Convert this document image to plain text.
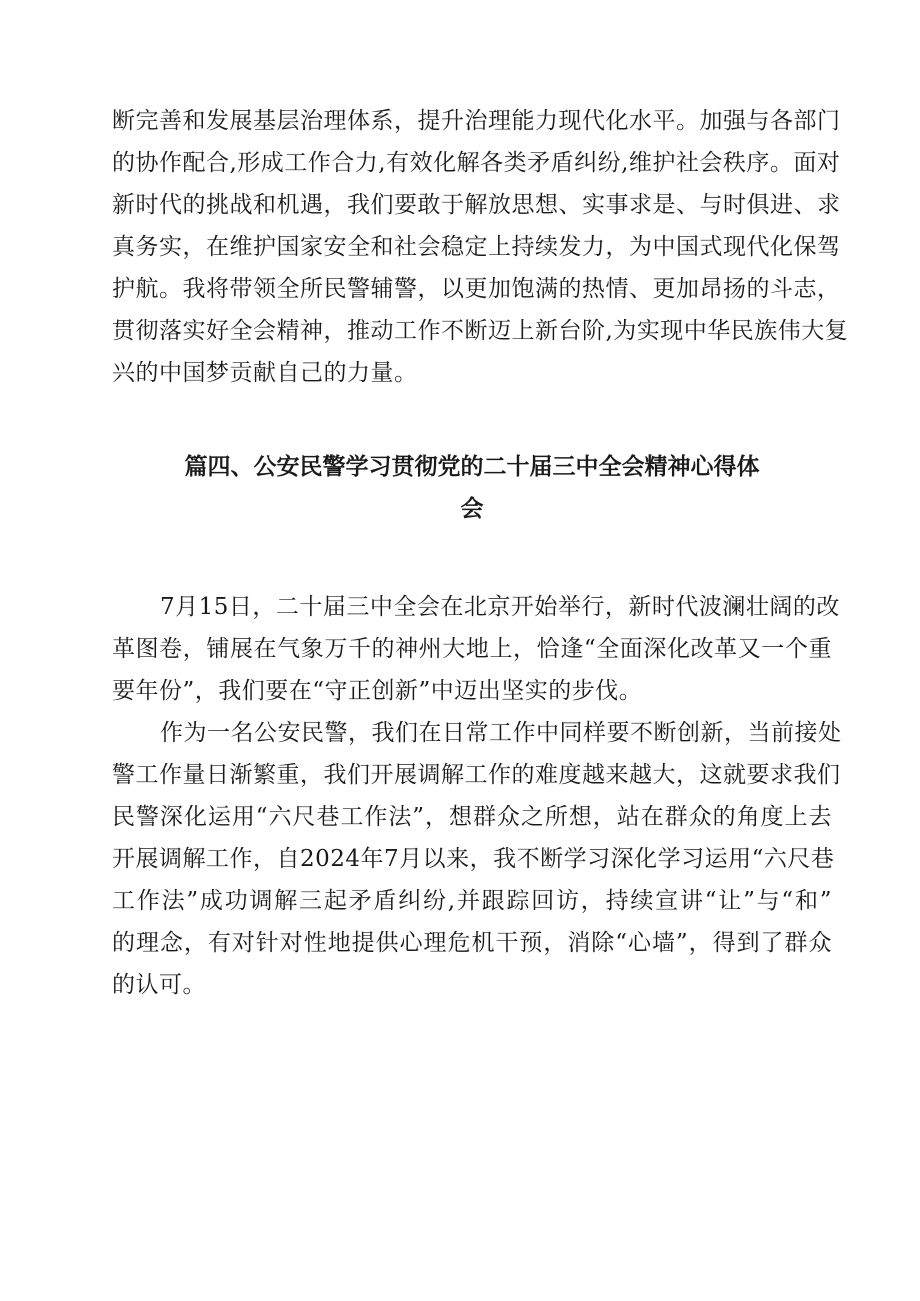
断完善和发展基层治理体系，提升治理能力现代化水平。加强与各部门
的协作配合,形成工作合力,有效化解各类矛盾纠纷,维护社会秩序。面对
新时代的挑战和机遇，我们要敢于解放思想、实事求是、与时俱进、求
真务实，在维护国家安全和社会稳定上持续发力，为中国式现代化保驾
护航。我将带领全所民警辅警，以更加饱满的热情、更加昂扬的斗志，
贯彻落实好全会精神，推动工作不断迈上新台阶,为实现中华民族伟大复
兴的中国梦贡献自己的力量。
篇四、公安民警学习贯彻党的二十届三中全会精神心得体
会
7月15日，二十届三中全会在北京开始举行，新时代波澜壮阔的改
革图卷，铺展在气象万千的神州大地上，恰逢“全面深化改革又一个重
要年份”，我们要在“守正创新”中迈出坚实的步伐。
作为一名公安民警，我们在日常工作中同样要不断创新，当前接处
警工作量日渐繁重，我们开展调解工作的难度越来越大，这就要求我们
民警深化运用“六尺巷工作法”，想群众之所想，站在群众的角度上去
开展调解工作，自2024年7月以来，我不断学习深化学习运用“六尺巷
工作法”成功调解三起矛盾纠纷,并跟踪回访，持续宣讲“让”与“和”
的理念，有对针对性地提供心理危机干预，消除“心墙”，得到了群众
的认可。
